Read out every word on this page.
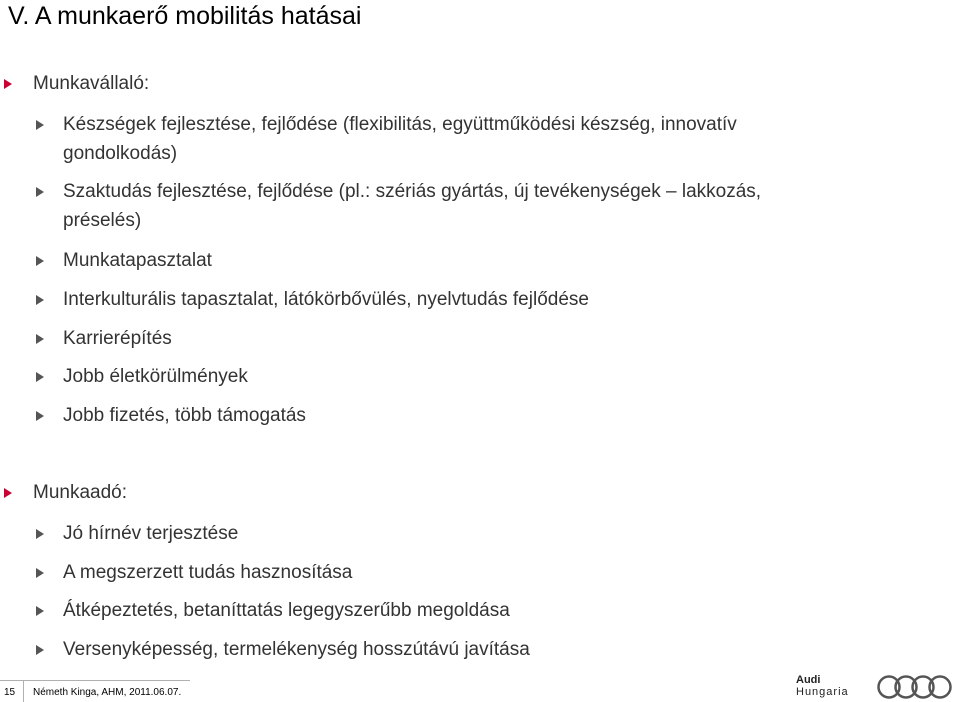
V. A munkaerő mobilitás hatásai
Munkavállaló:
Készségek fejlesztése, fejlődése (flexibilitás, együttműködési készség, innovatív
gondolkodás)
Szaktudás fejlesztése, fejlődése (pl.: szériás gyártás, új tevékenységek – lakkozás,
préselés)
Munkatapasztalat
Interkulturális tapasztalat, látókörbővülés, nyelvtudás fejlődése
Karrierépítés
Jobb életkörülmények
Jobb fizetés, több támogatás
Munkaadó:
Jó hírnév terjesztése
A megszerzett tudás hasznosítása
Átképeztetés, betaníttatás legegyszerűbb megoldása
Versenyképesség, termelékenység hosszútávú javítása
15 Németh Kinga, AHM, 2011.06.07.
Audi
Hungaria
